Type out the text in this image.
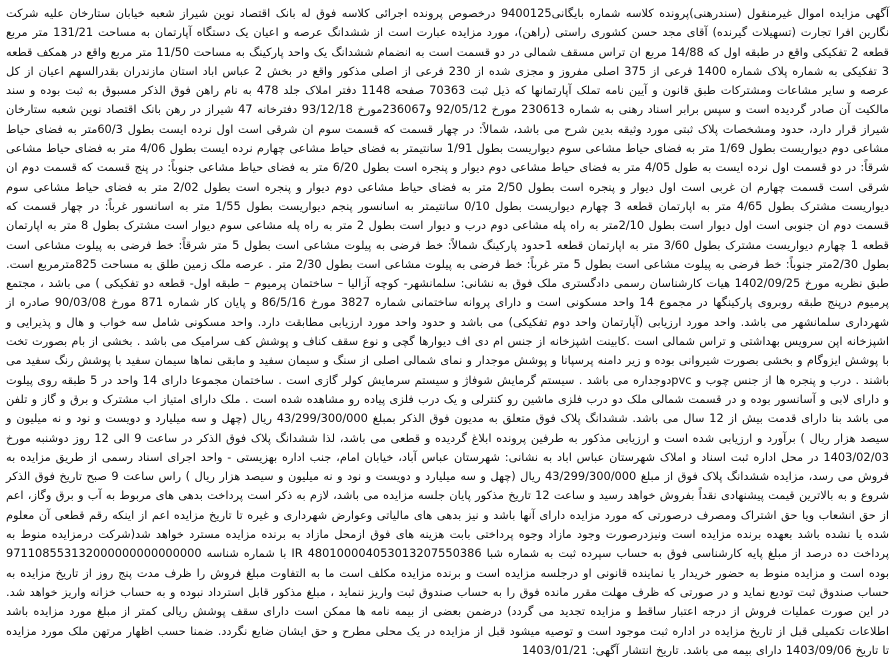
آگهی مزایده اموال غیرمنقول (سندرهنی)پرونده کلاسه شماره بایگانی9400125 درخصوص پرونده اجرائی کلاسه فوق له بانک اقتصاد نوین شیراز شعبه خیابان ستارخان علیه شرکت نگارین افرا تجارت (تسهیلات گیرنده) آقای مجد حسن کشوری راستی (راهن)، مورد مزایده عبارت است از ششدانگ عرصه و اعیان یک دستگاه آپارتمان به مساحت 131/21 متر مربع قطعه 2 تفکیکی واقع در طبقه اول که 14/88 مربع ان تراس مسقف شمالی در دو قسمت است به انضمام ششدانگ یک واحد پارکینگ به مساحت 11/50 متر مربع واقع در همکف قطعه 3 تفکیکی به شماره پلاک شماره 1400 فرعی از 375 اصلی مفروز و مجزی شده از 230 فرعی از اصلی مذکور واقع در بخش 2 عباس اباد استان مازندران بقدرالسهم اعیان از کل عرصه و سایر مشاعات ومشترکات طبق قانون و آیین نامه تملک آپارتمانها که ذیل ثبت 70363 صفحه 1148 دفتر املاک جلد 478 به نام راهن فوق الذکر مسبوق به ثبت بوده و سند مالکیت آن صادر گردیده است و سپس برابر اسناد رهنی به شماره 230613 مورخ 92/05/12 و236067مورخ 93/12/18 دفترخانه 47 شیراز در رهن بانک اقتصاد نوین شعبه ستارخان شیراز قرار دارد، حدود ومشخصات پلاک ثبتی مورد وثیقه بدین شرح می باشد، شمالاً: در چهار قسمت که قسمت سوم ان شرقی است اول نرده ایست بطول 60/3متر به فضای حیاط مشاعی دوم دیواریست بطول 1/69 متر به فضای حیاط مشاعی سوم دیواریست بطول 1/91 سانتیمتر به فضای حیاط مشاعی چهارم نرده ایست بطول 4/06 متر به فضای حیاط مشاعی شرقاً: در دو قسمت اول نرده ایست به طول 4/05 متر به فضای حیاط مشاعی دوم دیوار و پنجره است بطول 6/20 متر به فضای حیاط مشاعی جنوباً: در پنج قسمت که قسمت دوم ان شرقی است قسمت چهارم ان غربی است اول دیوار و پنجره است بطول 2/50 متر به فضای حیاط مشاعی دوم دیوار و پنجره است بطول 2/02 متر به فضای حیاط مشاعی سوم دیواریست مشترک بطول 4/65 متر به اپارتمان قطعه 3 چهارم دیواریست بطول 0/10 سانتیمتر به اسانسور پنجم دیواریست بطول 1/55 متر به اسانسور غرباً: در چهار قسمت که قسمت دوم ان جنوبی است اول دیوار است بطول 2/10متر به راه پله مشاعی دوم درب و دیوار است بطول 2 متر به راه پله مشاعی سوم دیوار است مشترک بطول 8 متر به اپارتمان قطعه 1 چهارم دیواریست مشترک بطول 3/60 متر به اپارتمان قطعه 1حدود پارکینگ شمالاً: خط فرضی به پیلوت مشاعی است بطول 5 متر شرقاً: خط فرضی به پیلوت مشاعی است بطول 2/30متر جنوباً: خط فرضی به پیلوت مشاعی است بطول 5 متر غرباً: خط فرضی به پیلوت مشاعی است بطول 2/30 متر . عرصه ملک زمین طلق به مساحت 825مترمربع است. طبق نظریه مورخ 1402/09/25 هیات کارشناسان رسمی دادگستری ملک فوق به نشانی: سلمانشهر- کوچه آزالیا – ساختمان پرمیوم – طبقه اول- قطعه دو تفکیکی ) می باشد ، مجتمع پرمیوم درپنج طبقه روبروی پارکینگها در مجموع 14 واحد مسکونی است و دارای پروانه ساختمانی شماره 3827 مورخ 86/5/16 و پایان کار شماره 871 مورخ 90/03/08 صادره از شهرداری سلمانشهر می باشد. واحد مورد ارزیابی (آپارتمان واحد دوم تفکیکی) می باشد و حدود واحد مورد ارزیابی مطابقت دارد. واحد مسکونی شامل سه خواب و هال و پذیرایی و اشپزخانه اپن سرویس بهداشتی و تراس شمالی است .کابینت اشپزخانه از جنس ام دی اف دیوارها گچی و نوع سقف کناف و پوشش کف سرامیک می باشد . بخشی از بام بصورت تخت با پوشش ایزوگام و بخشی بصورت شیروانی بوده و زیر دامنه پرسپانا و پوشش موجدار و نمای شمالی اصلی از سنگ و سیمان سفید و مابقی نماها سیمان سفید با پوشش رنگ سفید می باشند . درب و پنجره ها از جنس چوب و pvcدوجداره می باشد . سیستم گرمایش شوفاژ و سیستم سرمایش کولر گازی است . ساختمان مجموعا دارای 14 واحد در 5 طبقه روی پیلوت و دارای لابی و آسانسور بوده و در قسمت شمالی ملک دو درب فلزی ماشین رو کنترلی و یک درب فلزی پیاده رو مشاهده شده است . ملک دارای امتیاز اب مشترک و برق و گاز و تلفن می باشد بنا دارای قدمت بیش از 12 سال می باشد. ششدانگ پلاک فوق متعلق به مدیون فوق الذکر بمبلغ 43/299/300/000 ریال (چهل و سه میلیارد و دویست و نود و نه میلیون و سیصد هزار ریال ) برآورد و ارزیابی شده است و ارزیابی مذکور به طرفین پرونده ابلاغ گردیده و قطعی می باشد، لذا ششدانگ پلاک فوق الذکر در ساعت 9 الی 12 روز دوشنبه مورخ 1403/02/03 در محل اداره ثبت اسناد و املاک شهرستان عباس اباد به نشانی: شهرستان عباس آباد، خیابان امام، جنب اداره بهزیستی - واحد اجرای اسناد رسمی از طریق مزایده به فروش می رسد، مزایده ششدانگ پلاک فوق از مبلغ 43/299/300/000 ریال (چهل و سه میلیارد و دویست و نود و نه میلیون و سیصد هزار ریال ) راس ساعت 9 صبح تاریخ فوق الذکر شروع و به بالاترین قیمت پیشنهادی نقداً بفروش خواهد رسید و ساعت 12 تاریخ مذکور پایان جلسه مزایده می باشد، لازم به ذکر است پرداخت بدهی های مربوط به آب و برق وگاز، اعم از حق انشعاب ویا حق اشتراک ومصرف درصورتی که مورد مزایده دارای آنها باشد و نیز بدهی های مالیاتی وعوارض شهرداری و غیره تا تاریخ مزایده اعم از اینکه رقم قطعی آن معلوم شده یا نشده باشد بعهده برنده مزایده است ونیزدرصورت وجود مازاد وجوه پرداختی بابت هزینه های فوق ازمحل مازاد به برنده مزایده مسترد خواهد شد(شرکت درمزایده منوط به پرداخت ده درصد از مبلغ پایه کارشناسی فوق به حساب سپرده ثبت به شماره شبا 48010000405301320755038​6 IR با شماره شناسه 971108553132000000000000000 بوده است و مزایده منوط به حضور خریدار یا نماینده قانونی او درجلسه مزایده است و برنده مزایده مکلف است ما به التفاوت مبلغ فروش را ظرف مدت پنج روز از تاریخ مزایده به حساب صندوق ثبت تودیع نماید و در صورتی که ظرف مهلت مقرر مانده فوق را به حساب صندوق ثبت واریز ننماید ، مبلغ مذکور قابل استرداد نبوده و به حساب خزانه واریز خواهد شد. در این صورت عملیات فروش از درجه اعتبار ساقط و مزایده تجدید می گردد) درضمن بعضی از بیمه نامه ها ممکن است دارای سقف پوشش ریالی کمتر از مبلغ مورد مزایده باشد اطلاعات تکمیلی قبل از تاریخ مزایده در اداره ثبت موجود است و توصیه میشود قبل از مزایده در یک محلی مطرح و حق ایشان ضایع نگردد. ضمنا حسب اظهار مرتهن ملک مورد مزایده تا تاریخ 1403/09/06 دارای بیمه می باشد. تاریخ انتشار آگهی: 1403/01/21
